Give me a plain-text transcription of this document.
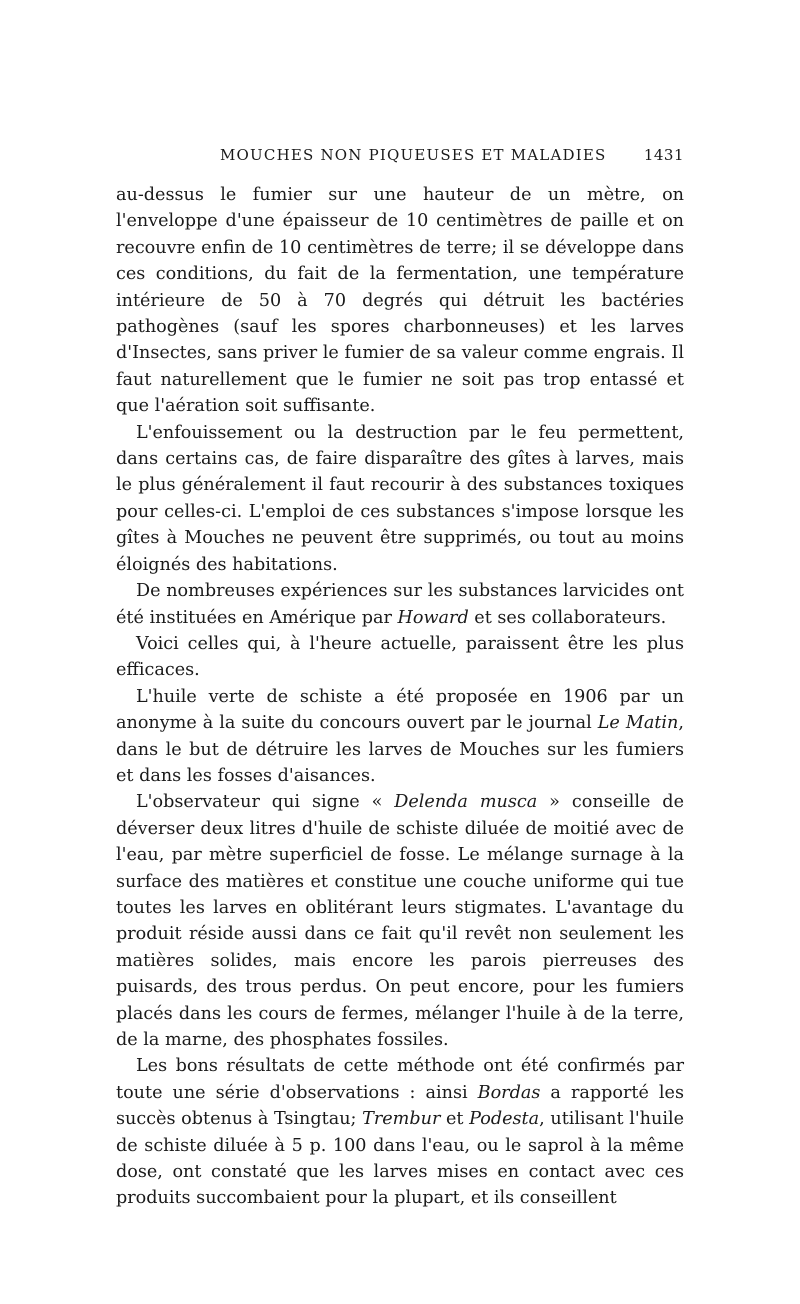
MOUCHES NON PIQUEUSES ET MALADIES 1431

au-dessus le fumier sur une hauteur de un mètre, on l'enveloppe d'une épaisseur de 10 centimètres de paille et on recouvre enfin de 10 centimètres de terre; il se développe dans ces conditions, du fait de la fermentation, une température intérieure de 50 à 70 degrés qui détruit les bactéries pathogènes (sauf les spores charbonneuses) et les larves d'Insectes, sans priver le fumier de sa valeur comme engrais. Il faut naturellement que le fumier ne soit pas trop entassé et que l'aération soit suffisante.

L'enfouissement ou la destruction par le feu permettent, dans certains cas, de faire disparaître des gîtes à larves, mais le plus généralement il faut recourir à des substances toxiques pour celles-ci. L'emploi de ces substances s'impose lorsque les gîtes à Mouches ne peuvent être supprimés, ou tout au moins éloignés des habitations.

De nombreuses expériences sur les substances larvicides ont été instituées en Amérique par Howard et ses collaborateurs.

Voici celles qui, à l'heure actuelle, paraissent être les plus efficaces.

L'huile verte de schiste a été proposée en 1906 par un anonyme à la suite du concours ouvert par le journal Le Matin, dans le but de détruire les larves de Mouches sur les fumiers et dans les fosses d'aisances.

L'observateur qui signe « Delenda musca » conseille de déverser deux litres d'huile de schiste diluée de moitié avec de l'eau, par mètre superficiel de fosse. Le mélange surnage à la surface des matières et constitue une couche uniforme qui tue toutes les larves en oblitérant leurs stigmates. L'avantage du produit réside aussi dans ce fait qu'il revêt non seulement les matières solides, mais encore les parois pierreuses des puisards, des trous perdus. On peut encore, pour les fumiers placés dans les cours de fermes, mélanger l'huile à de la terre, de la marne, des phosphates fossiles.

Les bons résultats de cette méthode ont été confirmés par toute une série d'observations : ainsi Bordas a rapporté les succès obtenus à Tsingtau; Trembur et Podesta, utilisant l'huile de schiste diluée à 5 p. 100 dans l'eau, ou le saprol à la même dose, ont constaté que les larves mises en contact avec ces produits succombaient pour la plupart, et ils conseillent
